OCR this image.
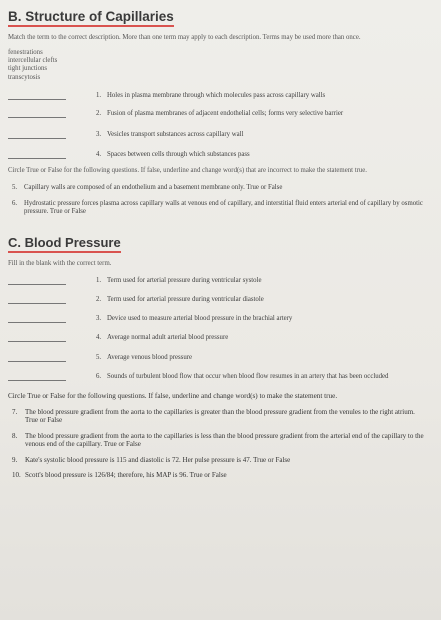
B. Structure of Capillaries
Match the term to the correct description. More than one term may apply to each description. Terms may be used more than once.
fenestrations
intercellular clefts
tight junctions
transcytosis
1. Holes in plasma membrane through which molecules pass across capillary walls
2. Fusion of plasma membranes of adjacent endothelial cells; forms very selective barrier
3. Vesicles transport substances across capillary wall
4. Spaces between cells through which substances pass
Circle True or False for the following questions. If false, underline and change word(s) that are incorrect to make the statement true.
5.	Capillary walls are composed of an endothelium and a basement membrane only. True or False
6.	Hydrostatic pressure forces plasma across capillary walls at venous end of capillary, and interstitial fluid enters arterial end of capillary by osmotic pressure. True or False
C. Blood Pressure
Fill in the blank with the correct term.
1. Term used for arterial pressure during ventricular systole
2. Term used for arterial pressure during ventricular diastole
3. Device used to measure arterial blood pressure in the brachial artery
4. Average normal adult arterial blood pressure
5. Average venous blood pressure
6. Sounds of turbulent blood flow that occur when blood flow resumes in an artery that has been occluded
Circle True or False for the following questions. If false, underline and change word(s) to make the statement true.
7.	The blood pressure gradient from the aorta to the capillaries is greater than the blood pressure gradient from the venules to the right atrium. True or False
8.	The blood pressure gradient from the aorta to the capillaries is less than the blood pressure gradient from the arterial end of the capillary to the venous end of the capillary. True or False
9.	Kate's systolic blood pressure is 115 and diastolic is 72. Her pulse pressure is 47. True or False
10. Scott's blood pressure is 126/84; therefore, his MAP is 96. True or False
